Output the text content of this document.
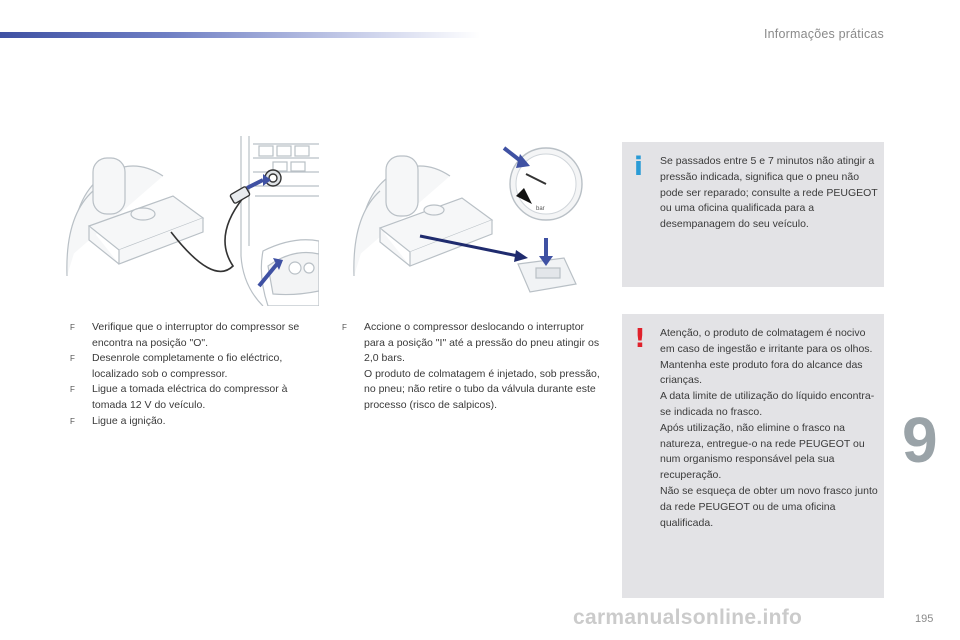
Informações práticas
bar
F Verifique que o interruptor do compressor se encontra na posição "O".
F Desenrole completamente o fio eléctrico, localizado sob o compressor.
F Ligue a tomada eléctrica do compressor à tomada 12 V do veículo.
F Ligue a ignição.
F Accione o compressor deslocando o interruptor para a posição "I" até a pressão do pneu atingir os 2,0 bars.

O produto de colmatagem é injetado, sob pressão, no pneu; não retire o tubo da válvula durante este processo (risco de salpicos).

i Se passados entre 5 e 7 minutos não atingir a pressão indicada, significa que o pneu não pode ser reparado; consulte a rede PEUGEOT ou uma oficina qualificada para a desempanagem do seu veículo.

! Atenção, o produto de colmatagem é nocivo em caso de ingestão e irritante para os olhos.
Mantenha este produto fora do alcance das crianças.
A data limite de utilização do líquido encontra-se indicada no frasco.
Após utilização, não elimine o frasco na natureza, entregue-o na rede PEUGEOT ou num organismo responsável pela sua recuperação.
Não se esqueça de obter um novo frasco junto da rede PEUGEOT ou de uma oficina qualificada.
9
195
carmanualsonline.info
